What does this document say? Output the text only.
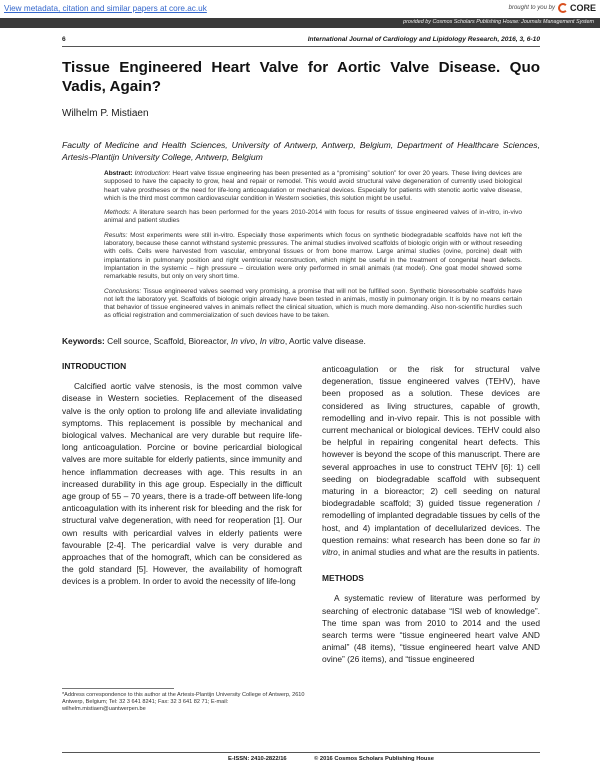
View metadata, citation and similar papers at core.ac.uk	brought to you by CORE
provided by Cosmos Scholars Publishing House: Journals Management System
6	International Journal of Cardiology and Lipidology Research, 2016, 3, 6-10
Tissue Engineered Heart Valve for Aortic Valve Disease. Quo Vadis, Again?
Wilhelm P. Mistiaen
Faculty of Medicine and Health Sciences, University of Antwerp, Antwerp, Belgium, Department of Healthcare Sciences, Artesis-Plantijn University College, Antwerp, Belgium

Abstract: Introduction: Heart valve tissue engineering has been presented as a “promising” solution” for over 20 years. These living devices are supposed to have the capacity to grow, heal and repair or remodel. This would avoid structural valve degeneration of currently used biological heart valve prostheses or the need for life-long anticoagulation or mechanical devices. Especially for patients with stenotic aortic valve disease, which is the third most common cardiovascular condition in Western societies, this solution might be useful.

Methods: A literature search has been performed for the years 2010-2014 with focus for results of tissue engineered valves of in-vitro, in-vivo animal and patient studies

Results: Most experiments were still in-vitro. Especially those experiments which focus on synthetic biodegradable scaffolds have not left the laboratory, because these cannot withstand systemic pressures. The animal studies involved scaffolds of biologic origin with or without reseeding with cells. Cells were harvested from vascular, embryonal tissues or from bone marrow. Large animal studies (ovine, porcine) dealt with implantations in pulmonary position and right ventricular reconstruction, which might be useful in the treatment of congenital heart defects. Implantation in the systemic – high pressure – circulation were only performed in small animals (rat model). One goat model showed some remarkable results, but only on very short time.

Conclusions: Tissue engineered valves seemed very promising, a promise that will not be fulfilled soon. Synthetic bioresorbable scaffolds have not left the laboratory yet. Scaffolds of biologic origin already have been tested in animals, mostly in pulmonary origin. It is by no means certain that behavior of tissue engineered valves in animals reflect the clinical situation, which is much more demanding. Also non-scientific hurdles such as official registration and commercialization of such devices have to be taken.

Keywords: Cell source, Scaffold, Bioreactor, In vivo, In vitro, Aortic valve disease.
INTRODUCTION

Calcified aortic valve stenosis, is the most common valve disease in Western societies. Replacement of the diseased valve is the only option to prolong life and alleviate invalidating symptoms. This replacement is possible by mechanical and biological valves. Mechanical are very durable but require life-long anticoagulation. Porcine or bovine pericardial biological valves are more suitable for elderly patients, since immunity and hence inflammation decreases with age. This results in an increased durability in this age group. Especially in the difficult age group of 55 – 70 years, there is a trade-off between life-long anticoagulation with its inherent risk for bleeding and the risk for structural valve degeneration, with need for reoperation [1]. Our own results with pericardial valves in elderly patients were favourable [2-4]. The pericardial valve is very durable and approaches that of the homograft, which can be considered as the gold standard [5]. However, the availability of homograft devices is a problem. In order to avoid the necessity of life-long

anticoagulation or the risk for structural valve degeneration, tissue engineered valves (TEHV), have been proposed as a solution. These devices are considered as living structures, capable of growth, remodelling and in-vivo repair. This is not possible with current mechanical or biological devices. TEHV could also be helpful in repairing congenital heart defects. This however is beyond the scope of this manuscript. There are several approaches in use to construct TEHV [6]: 1) cell seeding on biodegradable scaffold with subsequent maturing in a bioreactor; 2) cell seeding on natural biodegradable scaffold; 3) guided tissue regeneration / remodelling of implanted degradable tissues by cells of the host, and 4) implantation of decellularized devices. The question remains: what research has been done so far in vitro, in animal studies and what are the results in patients.

METHODS

A systematic review of literature was performed by searching of electronic database “ISI web of knowledge”. The time span was from 2010 to 2014 and the used search terms were “tissue engineered heart valve AND animal” (48 items), “tissue engineered heart valve AND ovine” (26 items), and “tissue engineered

*Address correspondence to this author at the Artesis-Plantijn University College of Antwerp, 2610 Antwerp, Belgium; Tel: 32 3 641 8241; Fax: 32 3 641 82 71; E-mail: wilhelm.mistiaen@uantwerpen.be
E-ISSN: 2410-2822/16	© 2016 Cosmos Scholars Publishing House
